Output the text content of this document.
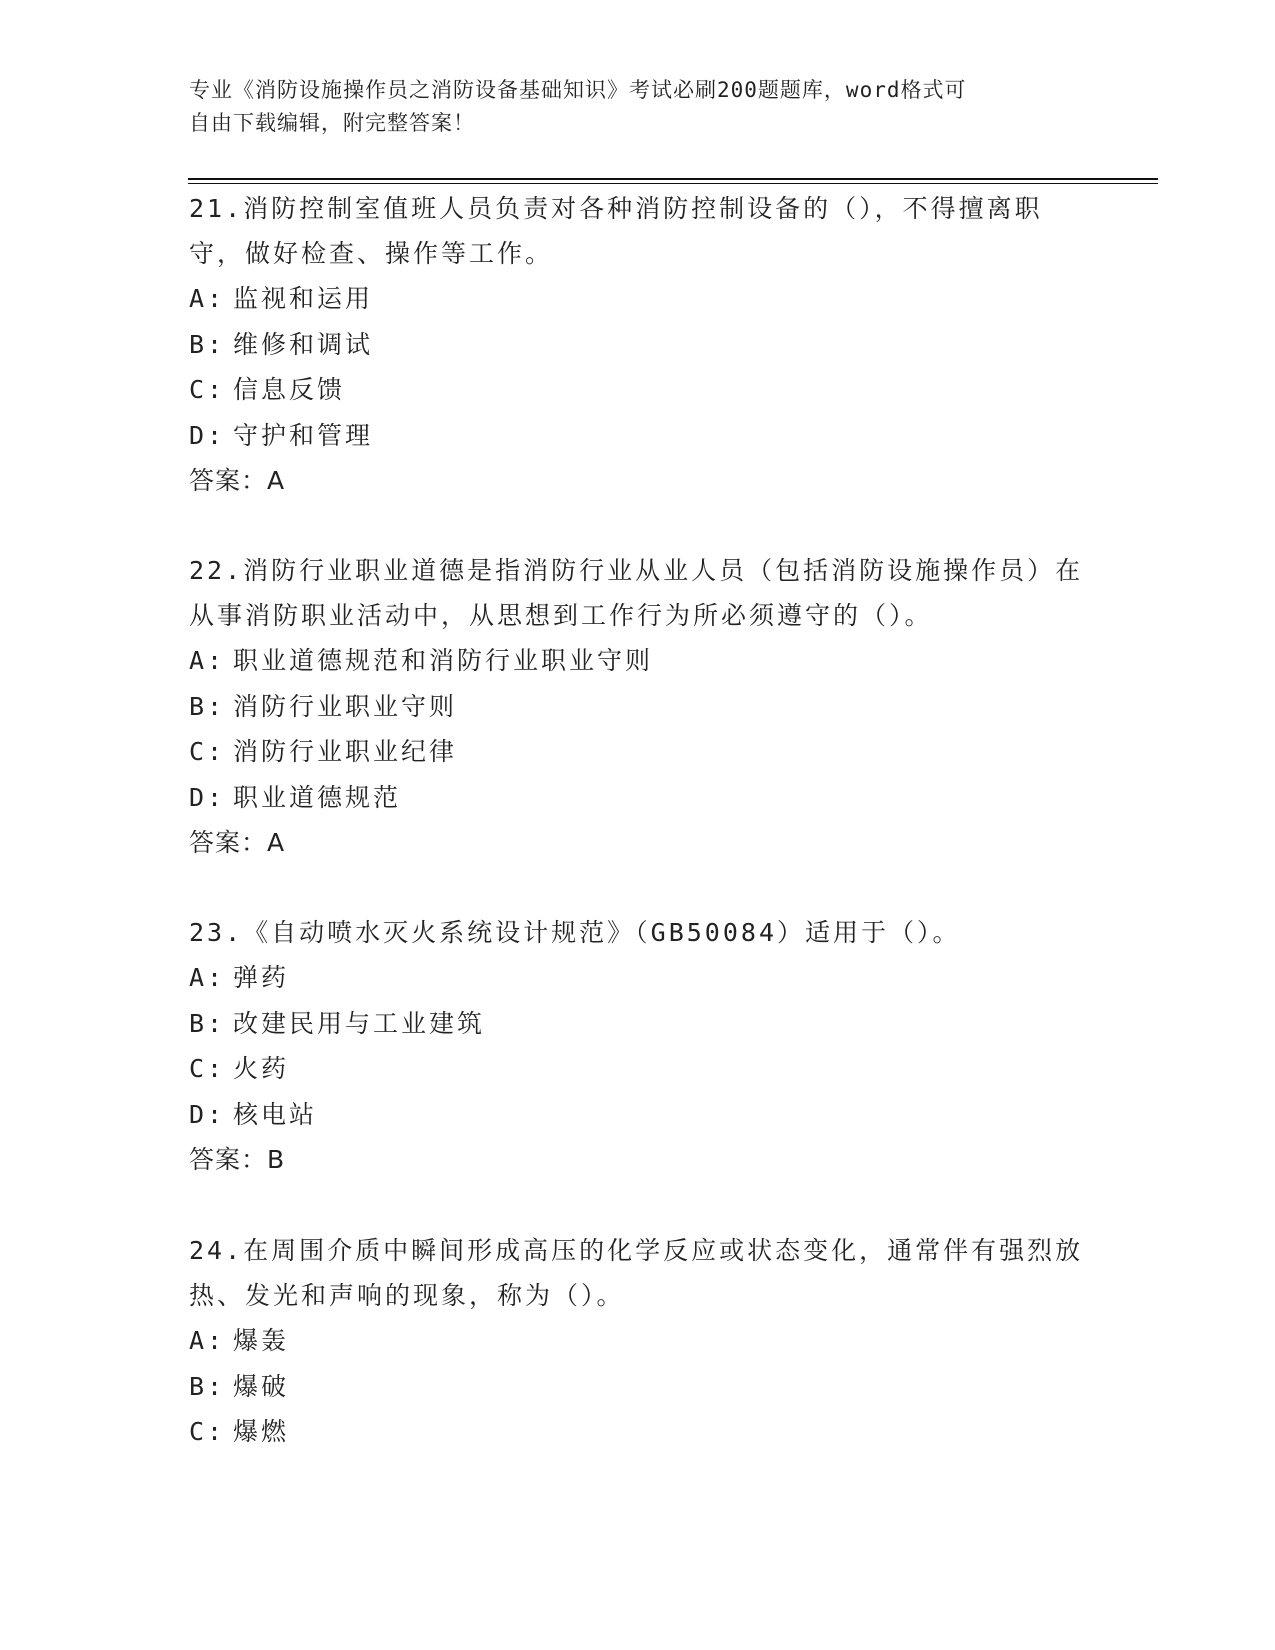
专业《消防设施操作员之消防设备基础知识》考试必刷200题题库，word格式可
自由下载编辑，附完整答案！

21.消防控制室值班人员负责对各种消防控制设备的（），不得擅离职守，做好检查、操作等工作。

A: 监视和运用

B: 维修和调试

C: 信息反馈

D: 守护和管理

答案：A

22.消防行业职业道德是指消防行业从业人员（包括消防设施操作员）在从事消防职业活动中，从思想到工作行为所必须遵守的（）。

A: 职业道德规范和消防行业职业守则

B: 消防行业职业守则

C: 消防行业职业纪律

D: 职业道德规范

答案：A

23.《自动喷水灭火系统设计规范》（GB50084）适用于（）。

A: 弹药

B: 改建民用与工业建筑

C: 火药

D: 核电站

答案：B

24.在周围介质中瞬间形成高压的化学反应或状态变化，通常伴有强烈放热、发光和声响的现象，称为（）。

A: 爆轰

B: 爆破

C: 爆燃
